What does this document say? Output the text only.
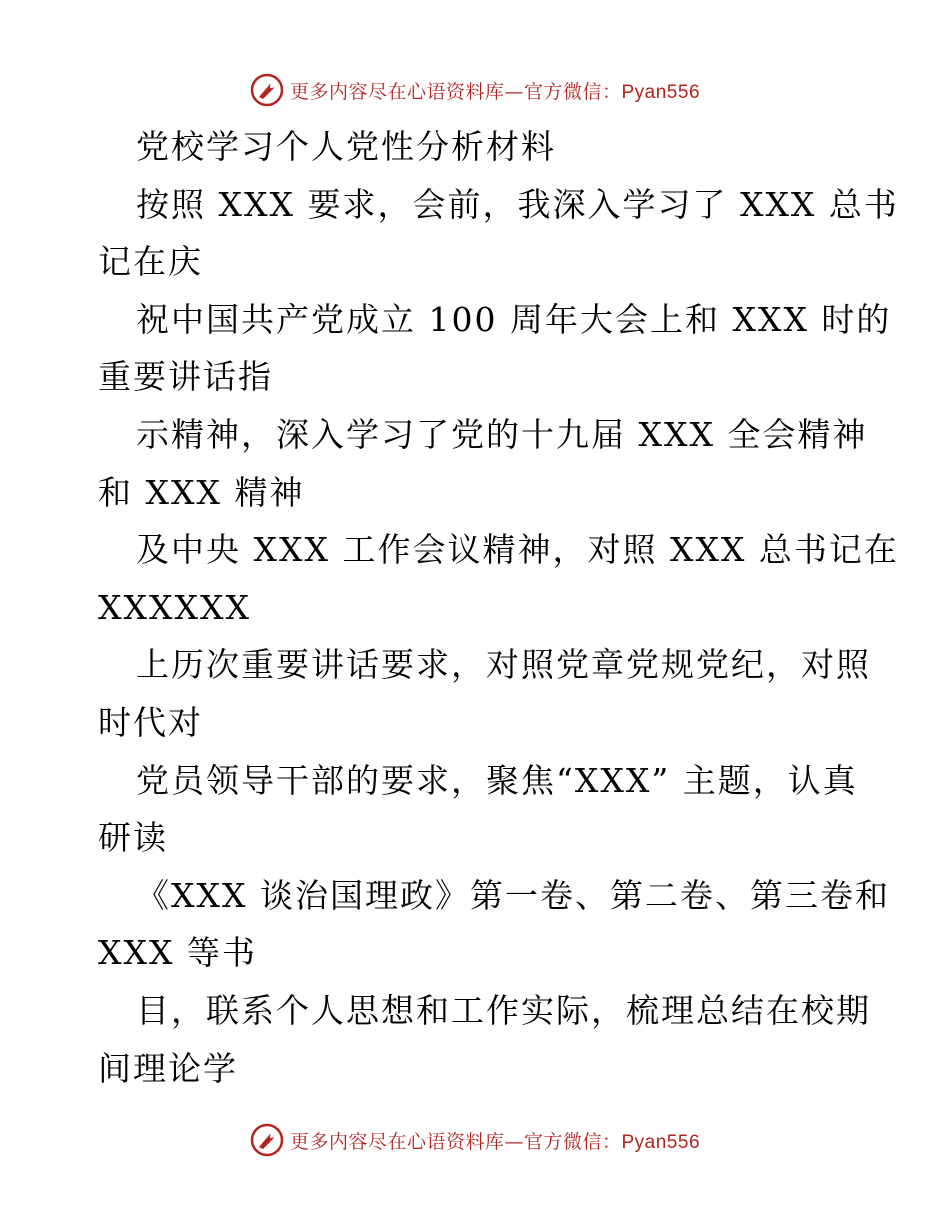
更多内容尽在心语资料库—官方微信：Pyan556
党校学习个人党性分析材料
按照 XXX 要求，会前，我深入学习了 XXX 总书
记在庆
祝中国共产党成立 100 周年大会上和 XXX 时的
重要讲话指
示精神，深入学习了党的十九届 XXX 全会精神
和 XXX 精神
及中央 XXX 工作会议精神，对照 XXX 总书记在
XXXXXX
上历次重要讲话要求，对照党章党规党纪，对照
时代对
党员领导干部的要求，聚焦“XXX” 主题，认真
研读
《XXX 谈治国理政》第一卷、第二卷、第三卷和
XXX 等书
目，联系个人思想和工作实际，梳理总结在校期
间理论学
更多内容尽在心语资料库—官方微信：Pyan556
